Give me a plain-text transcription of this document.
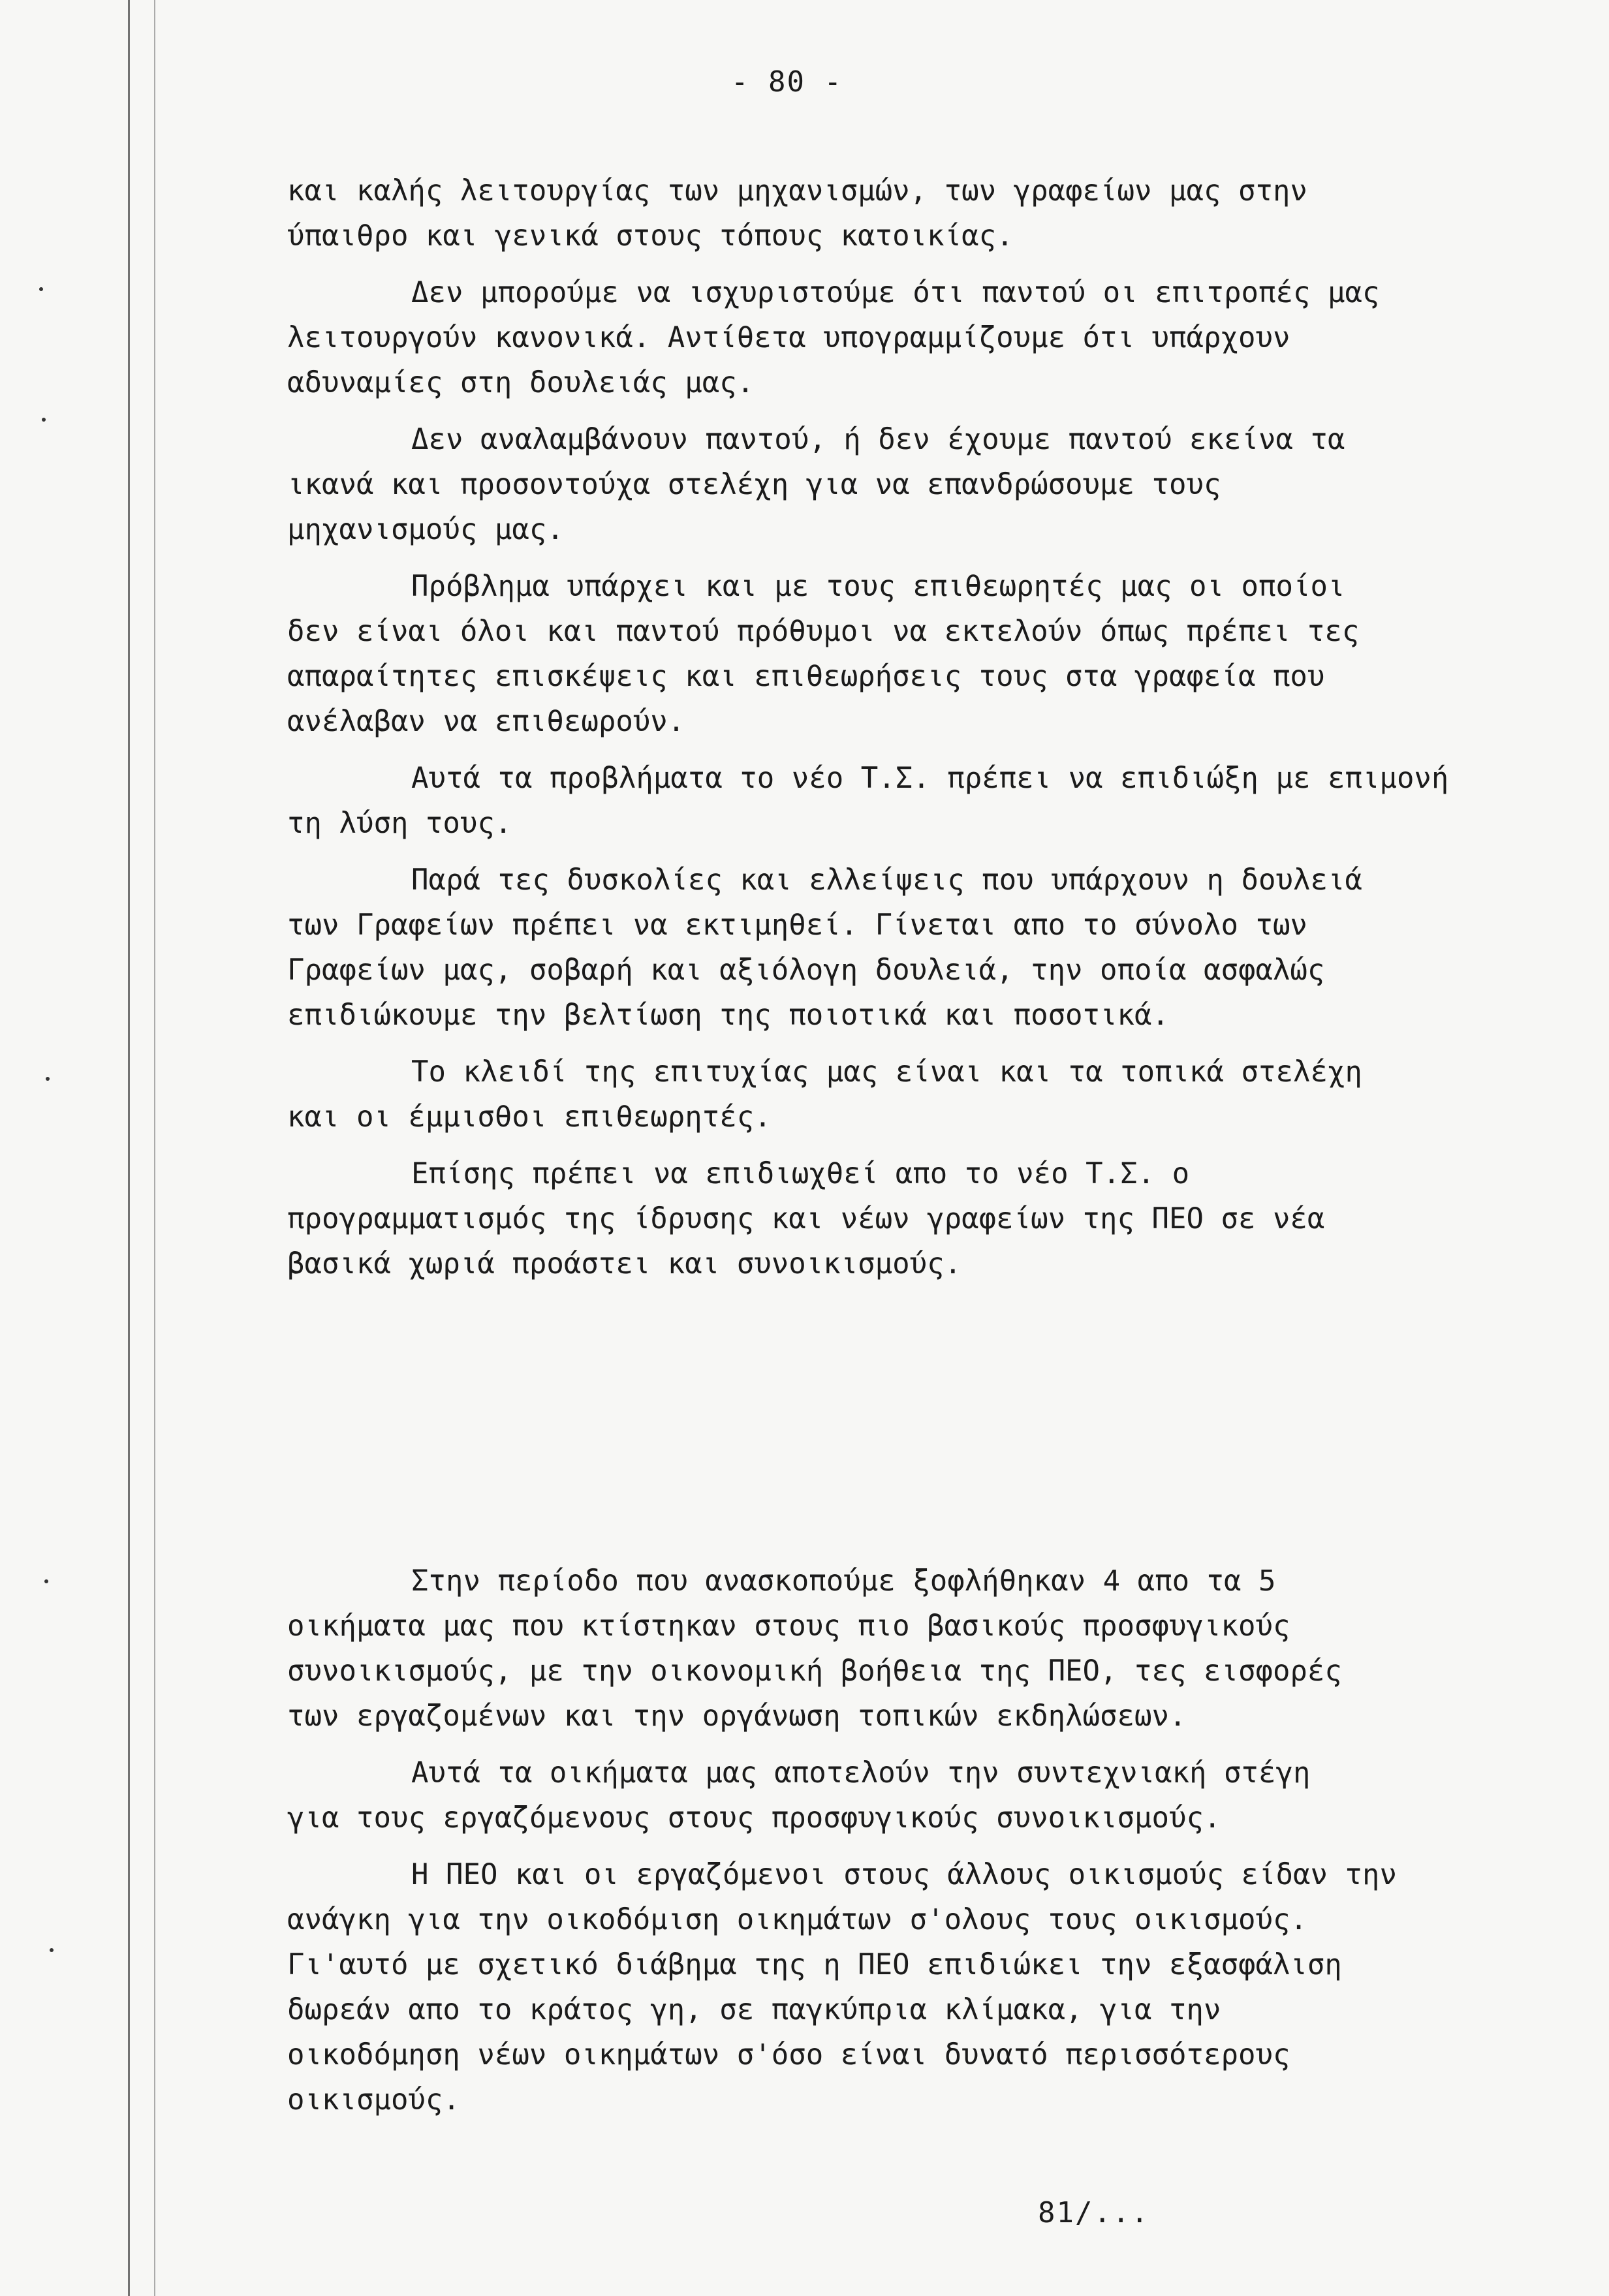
- 80 -
και καλής λειτουργίας των μηχανισμών, των γραφείων μας στην
ύπαιθρο και γενικά στους τόπους κατοικίας.
Δεν μπορούμε να ισχυριστούμε ότι παντού οι επιτροπές μας
λειτουργούν κανονικά. Αντίθετα υπογραμμίζουμε ότι υπάρχουν
αδυναμίες στη δουλειάς μας.
Δεν αναλαμβάνουν παντού, ή δεν έχουμε παντού εκείνα τα
ικανά και προσοντούχα στελέχη για να επανδρώσουμε τους
μηχανισμούς μας.
Πρόβλημα υπάρχει και με τους επιθεωρητές μας οι οποίοι
δεν είναι όλοι και παντού πρόθυμοι να εκτελούν όπως πρέπει τες
απαραίτητες επισκέψεις και επιθεωρήσεις τους στα γραφεία που
ανέλαβαν να επιθεωρούν.
Αυτά τα προβλήματα το νέο Τ.Σ. πρέπει να επιδιώξη με επιμονή
τη λύση τους.
Παρά τες δυσκολίες και ελλείψεις που υπάρχουν η δουλειά
των Γραφείων πρέπει να εκτιμηθεί. Γίνεται απο το σύνολο των
Γραφείων μας, σοβαρή και αξιόλογη δουλειά, την οποία ασφαλώς
επιδιώκουμε την βελτίωση της ποιοτικά και ποσοτικά.
Το κλειδί της επιτυχίας μας είναι και τα τοπικά στελέχη
και οι έμμισθοι επιθεωρητές.
Επίσης πρέπει να επιδιωχθεί απο το νέο Τ.Σ. ο
προγραμματισμός της ίδρυσης και νέων γραφείων της ΠΕΟ σε νέα
βασικά χωριά προάστει και συνοικισμούς.
Στην περίοδο που ανασκοπούμε ξοφλήθηκαν 4 απο τα 5
οικήματα μας που κτίστηκαν στους πιο βασικούς προσφυγικούς
συνοικισμούς, με την οικονομική βοήθεια της ΠΕΟ, τες εισφορές
των εργαζομένων και την οργάνωση τοπικών εκδηλώσεων.
Αυτά τα οικήματα μας αποτελούν την συντεχνιακή στέγη
για τους εργαζόμενους στους προσφυγικούς συνοικισμούς.
Η ΠΕΟ και οι εργαζόμενοι στους άλλους οικισμούς είδαν την
ανάγκη για την οικοδόμιση οικημάτων σ'ολους τους οικισμούς.
Γι'αυτό με σχετικό διάβημα της η ΠΕΟ επιδιώκει την εξασφάλιση
δωρεάν απο το κράτος γη, σε παγκύπρια κλίμακα, για την
οικοδόμηση νέων οικημάτων σ'όσο είναι δυνατό περισσότερους
οικισμούς.
81/...
